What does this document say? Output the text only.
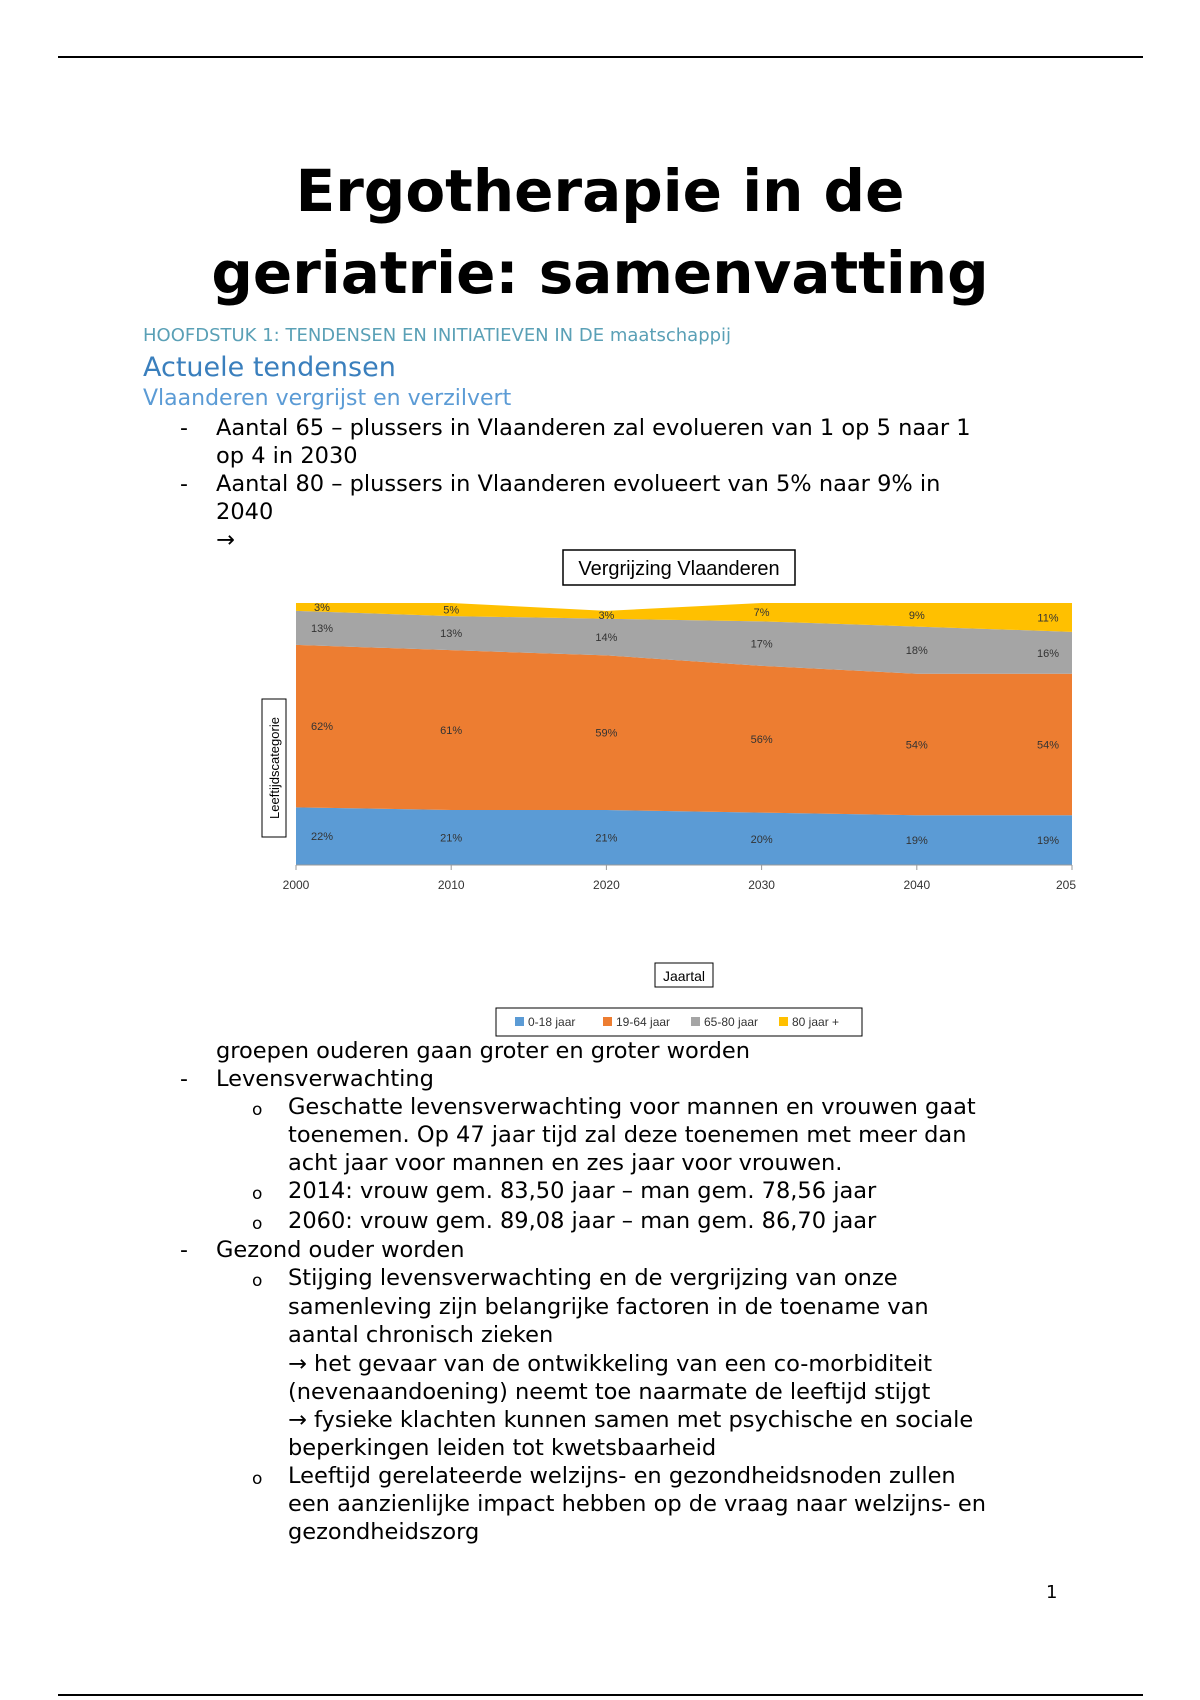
Ergotherapie in de
geriatrie: samenvatting
HOOFDSTUK 1: TENDENSEN EN INITIATIEVEN IN DE maatschappij
Actuele tendensen
Vlaanderen vergrijst en verzilvert
- Aantal 65 – plussers in Vlaanderen zal evolueren van 1 op 5 naar 1
op 4 in 2030
- Aantal 80 – plussers in Vlaanderen evolueert van 5% naar 9% in
2040
→
Vergrijzing Vlaanderen
22%	21%	21%	20%	19%	19%
62%	61%	59%
56%	54%	54%
13%	13%	14%
17%
18%	16%
3%	5%	3%	7%	9%	11%
2000	2010	2020	2030	2040	205
Jaartal
Leeftijdscategorie
0-18 jaar	19-64 jaar	65-80 jaar	80 jaar +
groepen ouderen gaan groter en groter worden
- Levensverwachting
o Geschatte levensverwachting voor mannen en vrouwen gaat
toenemen. Op 47 jaar tijd zal deze toenemen met meer dan
acht jaar voor mannen en zes jaar voor vrouwen.
o 2014: vrouw gem. 83,50 jaar – man gem. 78,56 jaar
o 2060: vrouw gem. 89,08 jaar – man gem. 86,70 jaar
- Gezond ouder worden
o Stijging levensverwachting en de vergrijzing van onze
samenleving zijn belangrijke factoren in de toename van
aantal chronisch zieken
→ het gevaar van de ontwikkeling van een co-morbiditeit
(nevenaandoening) neemt toe naarmate de leeftijd stijgt
→ fysieke klachten kunnen samen met psychische en sociale
beperkingen leiden tot kwetsbaarheid
o Leeftijd gerelateerde welzijns- en gezondheidsnoden zullen
een aanzienlijke impact hebben op de vraag naar welzijns- en
gezondheidszorg
1
